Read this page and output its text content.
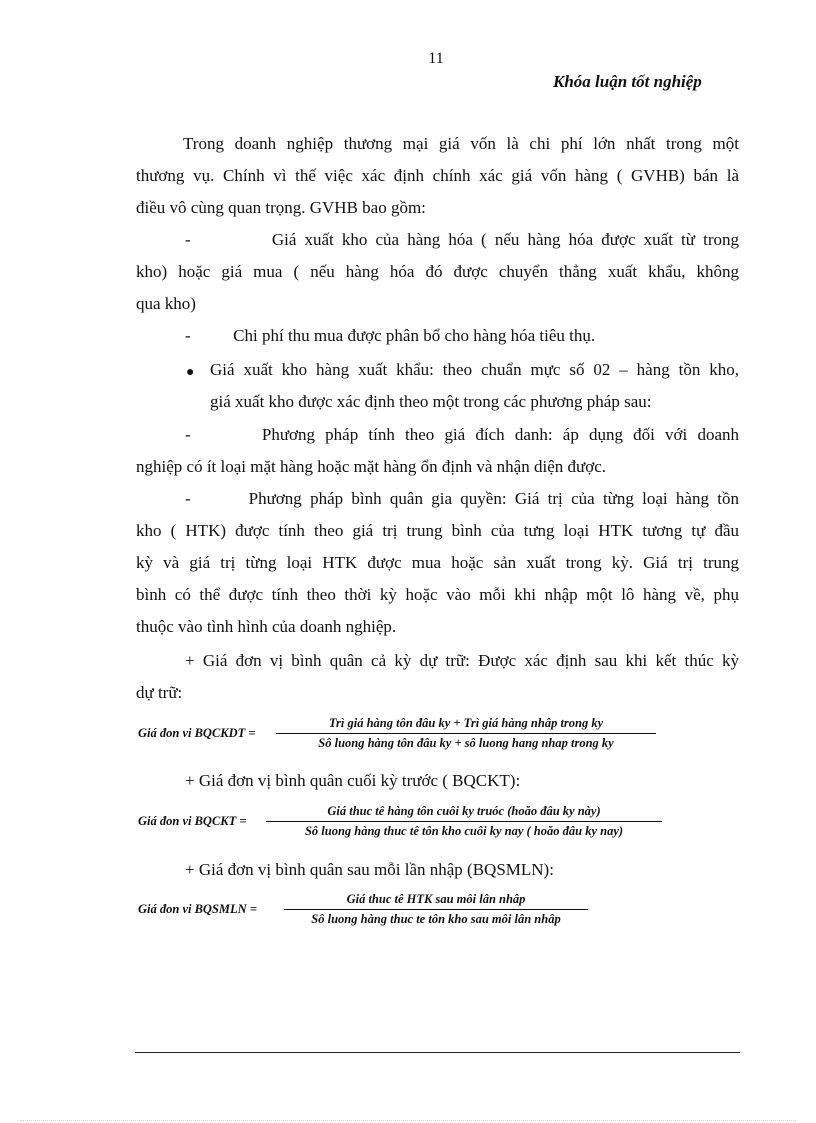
11
Khóa luận tốt nghiệp
Trong doanh nghiệp thương mại giá vốn là chi phí lớn nhất trong một
thương vụ. Chính vì thế việc xác định chính xác giá vốn hàng ( GVHB) bán là
điều vô cùng quan trọng. GVHB bao gồm:
-          Giá xuất kho của hàng hóa ( nếu hàng hóa được xuất từ trong
kho) hoặc giá mua ( nếu hàng hóa đó được chuyển thẳng xuất khẩu, không
qua kho)
-          Chi phí thu mua được phân bổ cho hàng hóa tiêu thụ.
● Giá xuất kho hàng xuất khẩu: theo chuẩn mực số 02 – hàng tồn kho,
giá xuất kho được xác định theo một trong các phương pháp sau:
-       Phương pháp tính theo giá đích danh: áp dụng đối với doanh
nghiệp có ít loại mặt hàng hoặc mặt hàng ổn định và nhận diện được.
-       Phương pháp bình quân gia quyền: Giá trị của từng loại hàng tồn
kho ( HTK) được tính theo giá trị trung bình của tưng loại HTK tương tự đầu
kỳ và giá trị từng loại HTK được mua hoặc sản xuất trong kỳ. Giá trị trung
bình có thể được tính theo thời kỳ hoặc vào mỗi khi nhập một lô hàng về, phụ
thuộc vào tình hình của doanh nghiệp.
+ Giá đơn vị bình quân cả kỳ dự trữ: Được xác định sau khi kết thúc kỳ
dự trữ:
Giá đon vi BQCKDT =
Trì giá hàng tôn đâu ky + Trì giá hàng nhâp trong ky
Sô luong hàng tôn đâu ky + sô luong hang nhap trong ky
+ Giá đơn vị bình quân cuối kỳ trước ( BQCKT):
Giá đon vi BQCKT =
Giá thuc tê hàng tôn cuôi ky truóc (hoăo đâu ky này)
Sô luong hàng thuc tê tôn kho cuôi ky nay ( hoăo đâu ky nay)
+ Giá đơn vị bình quân sau mỗi lần nhập (BQSMLN):
Giá đon vi BQSMLN =
Giá thuc tê HTK sau môi lân nhâp
Sô luong hàng thuc te tôn kho sau môi lân nhâp
